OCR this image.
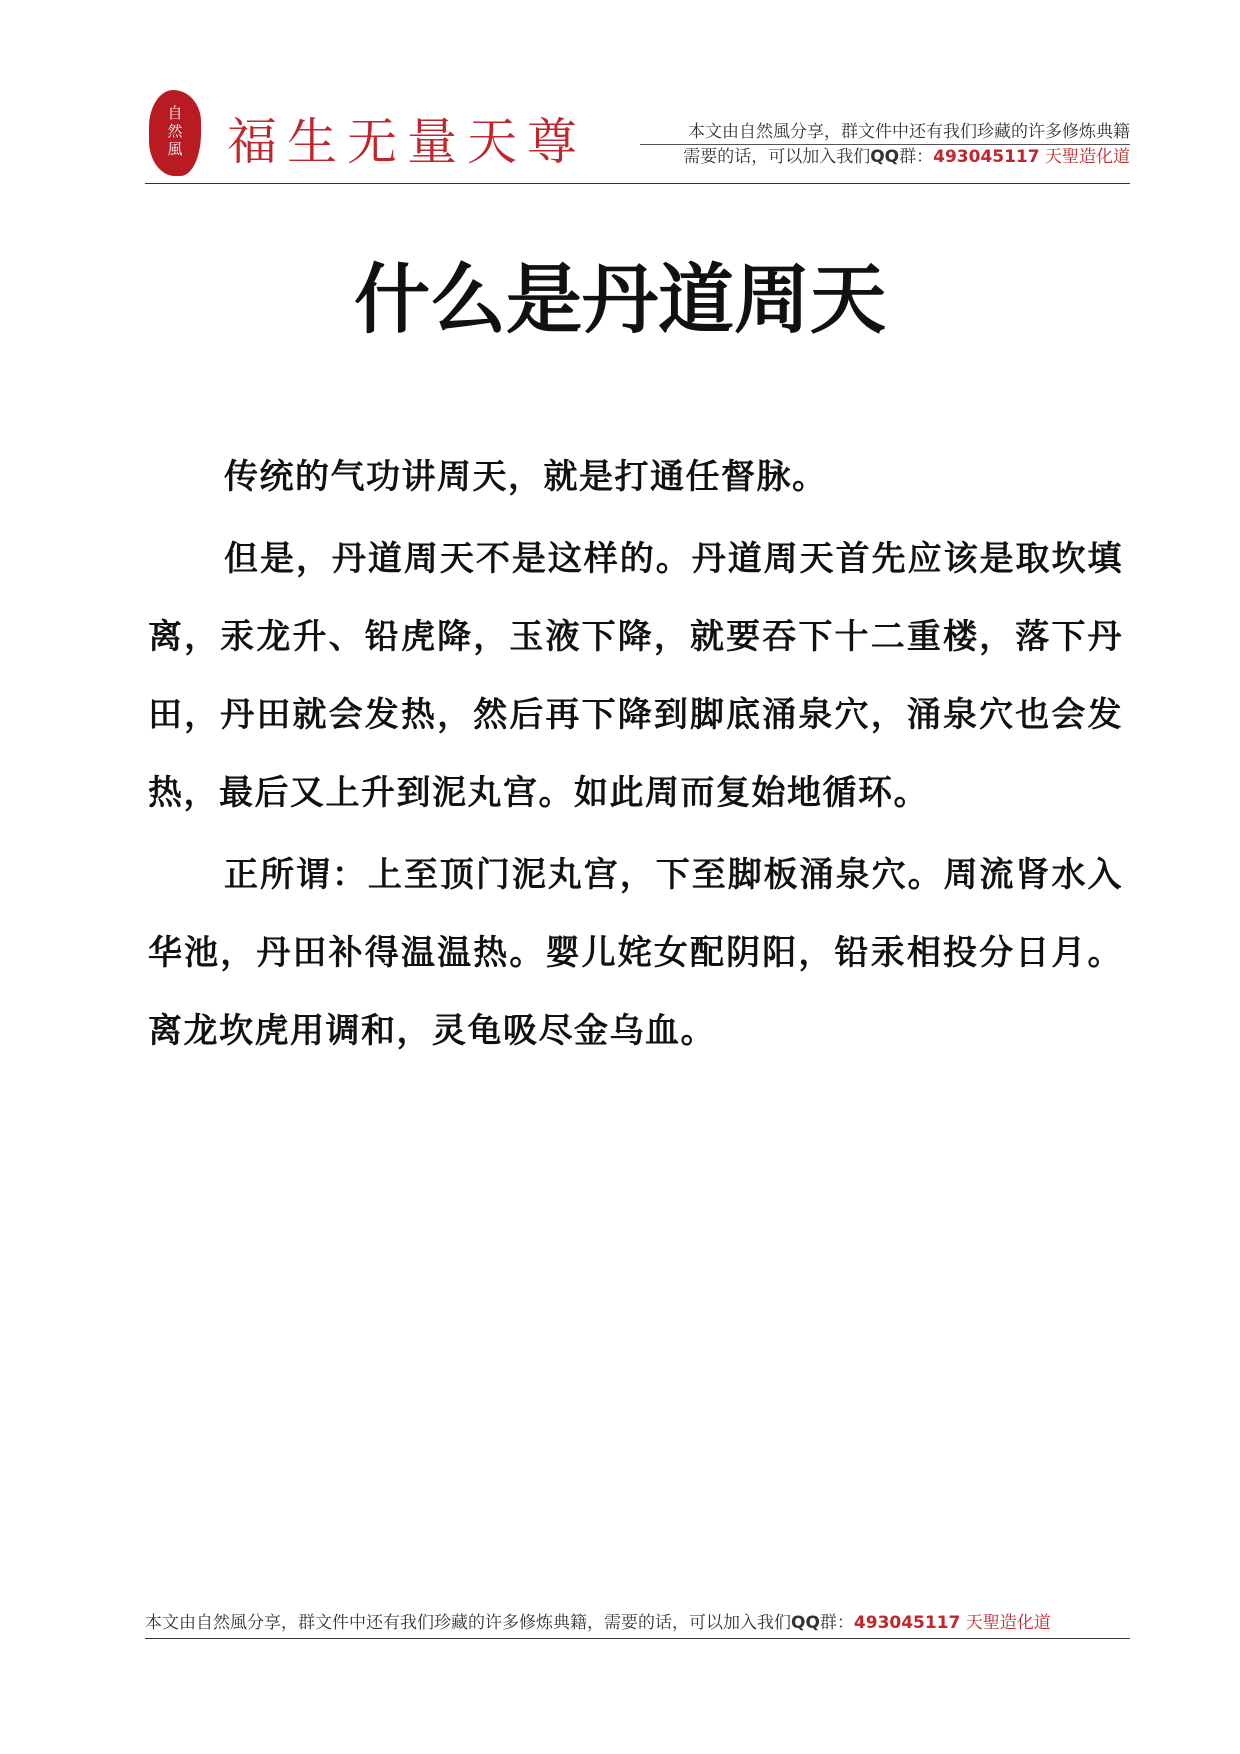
自
然
風 福生无量天尊	本文由自然風分享，群文件中还有我们珍藏的许多修炼典籍
需要的话，可以加入我们QQ群：493045117 天聖造化道
什么是丹道周天

传统的气功讲周天，就是打通任督脉。

但是，丹道周天不是这样的。丹道周天首先应该是取坎填离，汞龙升、铅虎降，玉液下降，就要吞下十二重楼，落下丹田，丹田就会发热，然后再下降到脚底涌泉穴，涌泉穴也会发热，最后又上升到泥丸宫。如此周而复始地循环。

正所谓：上至顶门泥丸宫，下至脚板涌泉穴。周流肾水入华池，丹田补得温温热。婴儿姹女配阴阳，铅汞相投分日月。离龙坎虎用调和，灵龟吸尽金乌血。

本文由自然風分享，群文件中还有我们珍藏的许多修炼典籍，需要的话，可以加入我们QQ群：493045117 天聖造化道
